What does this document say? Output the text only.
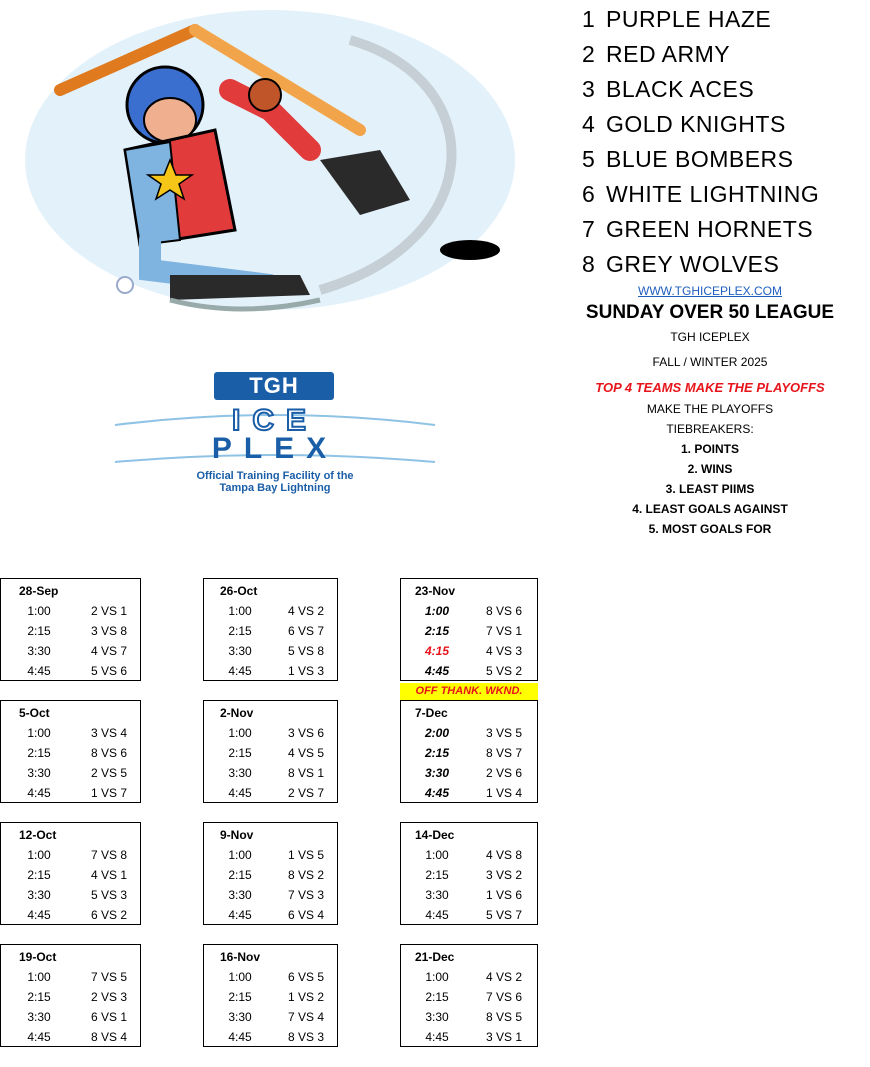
1 PURPLE HAZE
2 RED ARMY
3 BLACK ACES
4 GOLD KNIGHTS
5 BLUE BOMBERS
6 WHITE LIGHTNING
7 GREEN HORNETS
8 GREY WOLVES
WWW.TGHICEPLEX.COM
SUNDAY OVER 50 LEAGUE
TGH ICEPLEX
FALL / WINTER 2025
TOP 4 TEAMS MAKE THE PLAYOFFS
MAKE THE PLAYOFFS
TIEBREAKERS:
1. POINTS
2. WINS
3. LEAST PIIMS
4. LEAST GOALS AGAINST
5. MOST GOALS FOR
TGH
ICE
PLEX
Official Training Facility of the
Tampa Bay Lightning
28-Sep
1:00	2 VS 1
2:15	3 VS 8
3:30	4 VS 7
4:45	5 VS 6
26-Oct
1:00	4 VS 2
2:15	6 VS 7
3:30	5 VS 8
4:45	1 VS 3
23-Nov
1:00	8 VS 6
2:15	7 VS 1
4:15	4 VS 3
4:45	5 VS 2
5-Oct
1:00	3 VS 4
2:15	8 VS 6
3:30	2 VS 5
4:45	1 VS 7
2-Nov
1:00	3 VS 6
2:15	4 VS 5
3:30	8 VS 1
4:45	2 VS 7
7-Dec
2:00	3 VS 5
2:15	8 VS 7
3:30	2 VS 6
4:45	1 VS 4
12-Oct
1:00	7 VS 8
2:15	4 VS 1
3:30	5 VS 3
4:45	6 VS 2
9-Nov
1:00	1 VS 5
2:15	8 VS 2
3:30	7 VS 3
4:45	6 VS 4
14-Dec
1:00	4 VS 8
2:15	3 VS 2
3:30	1 VS 6
4:45	5 VS 7
19-Oct
1:00	7 VS 5
2:15	2 VS 3
3:30	6 VS 1
4:45	8 VS 4
16-Nov
1:00	6 VS 5
2:15	1 VS 2
3:30	7 VS 4
4:45	8 VS 3
21-Dec
1:00	4 VS 2
2:15	7 VS 6
3:30	8 VS 5
4:45	3 VS 1
OFF THANK. WKND.
